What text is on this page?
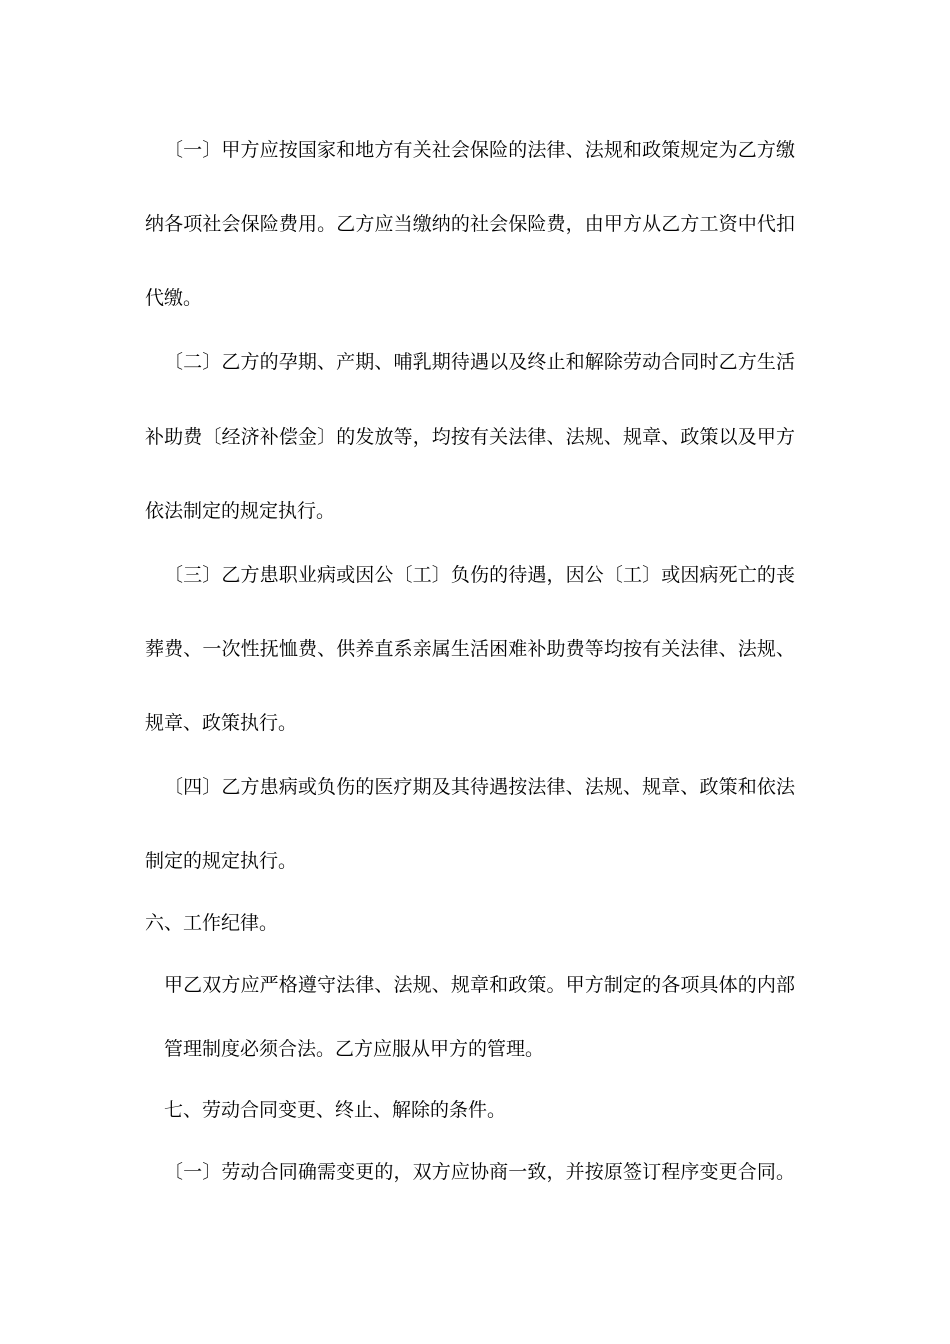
〔一〕甲方应按国家和地方有关社会保险的法律、法规和政策规定为乙方缴
纳各项社会保险费用。乙方应当缴纳的社会保险费，由甲方从乙方工资中代扣
代缴。
〔二〕乙方的孕期、产期、哺乳期待遇以及终止和解除劳动合同时乙方生活
补助费〔经济补偿金〕的发放等，均按有关法律、法规、规章、政策以及甲方
依法制定的规定执行。
〔三〕乙方患职业病或因公〔工〕负伤的待遇，因公〔工〕或因病死亡的丧
葬费、一次性抚恤费、供养直系亲属生活困难补助费等均按有关法律、法规、
规章、政策执行。
〔四〕乙方患病或负伤的医疗期及其待遇按法律、法规、规章、政策和依法
制定的规定执行。
六、工作纪律。
甲乙双方应严格遵守法律、法规、规章和政策。甲方制定的各项具体的内部
管理制度必须合法。乙方应服从甲方的管理。
七、劳动合同变更、终止、解除的条件。
〔一〕劳动合同确需变更的，双方应协商一致，并按原签订程序变更合同。
